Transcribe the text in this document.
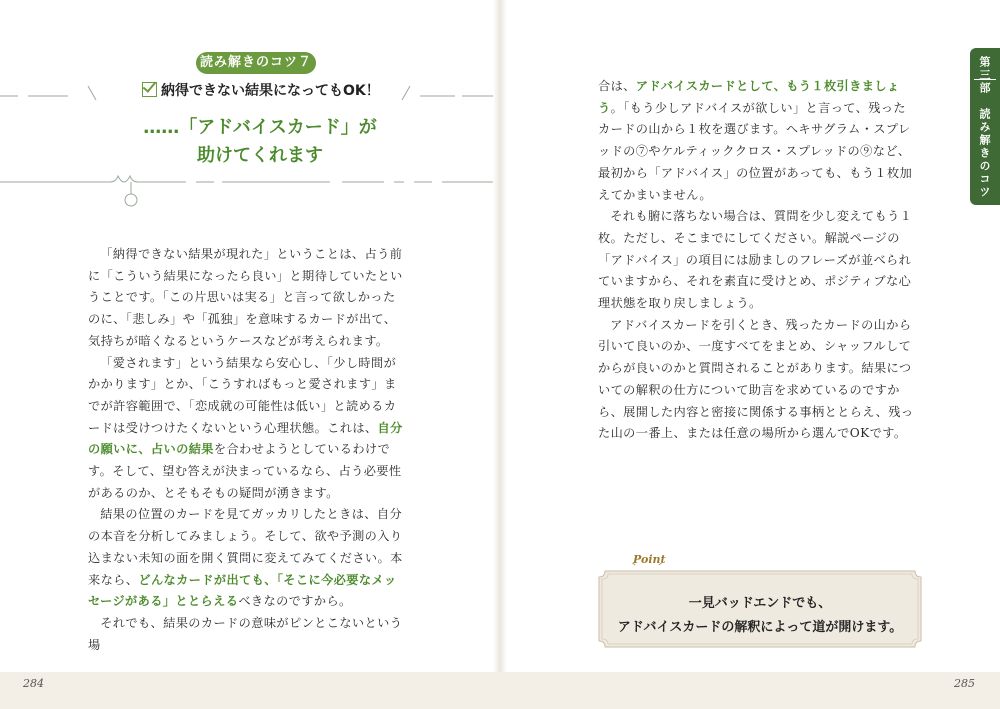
読み解きのコツ７
納得できない結果になってもOK！
……「アドバイスカード」が
助けてくれます

「納得できない結果が現れた」ということは、占う前に「こういう結果になったら良い」と期待していたということです。「この片思いは実る」と言って欲しかったのに、「悲しみ」や「孤独」を意味するカードが出て、気持ちが暗くなるというケースなどが考えられます。

「愛されます」という結果なら安心し、「少し時間がかかります」とか、「こうすればもっと愛されます」までが許容範囲で、「恋成就の可能性は低い」と読めるカードは受けつけたくないという心理状態。これは、自分の願いに、占いの結果を合わせようとしているわけです。そして、望む答えが決まっているなら、占う必要性があるのか、とそもそもの疑問が湧きます。

結果の位置のカードを見てガッカリしたときは、自分の本音を分析してみましょう。そして、欲や予測の入り込まない未知の面を開く質問に変えてみてください。本来なら、どんなカードが出ても、「そこに今必要なメッセージがある」ととらえるべきなのですから。

それでも、結果のカードの意味がピンとこないという場

合は、アドバイスカードとして、もう１枚引きましょう。「もう少しアドバイスが欲しい」と言って、残ったカードの山から１枚を選びます。ヘキサグラム・スプレッドの⑦やケルティッククロス・スプレッドの⑨など、最初から「アドバイス」の位置があっても、もう１枚加えてかまいません。

それも腑に落ちない場合は、質問を少し変えてもう１枚。ただし、そこまでにしてください。解説ページの「アドバイス」の項目には励ましのフレーズが並べられていますから、それを素直に受けとめ、ポジティブな心理状態を取り戻しましょう。

アドバイスカードを引くとき、残ったカードの山から引いて良いのか、一度すべてをまとめ、シャッフルしてからが良いのかと質問されることがあります。結果についての解釈の仕方について助言を求めているのですから、展開した内容と密接に関係する事柄ととらえ、残った山の一番上、または任意の場所から選んでOKです。

第三部　読み解きのコツ
Point
一見バッドエンドでも、
アドバイスカードの解釈によって道が開けます。
284	285
